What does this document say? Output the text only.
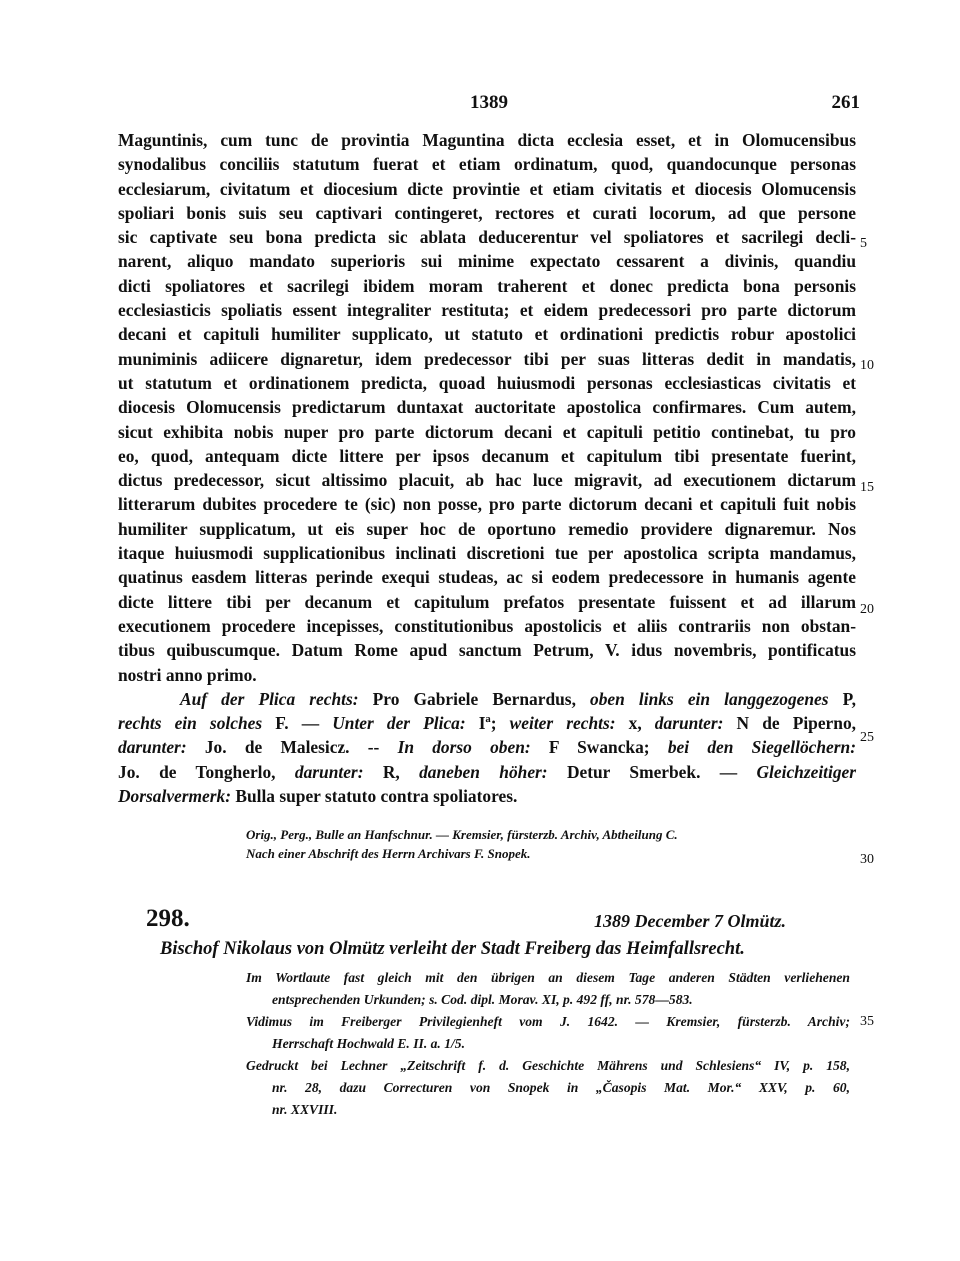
1389	261
Maguntinis, cum tunc de provintia Maguntina dicta ecclesia esset, et in Olomucensibus
synodalibus conciliis statutum fuerat et etiam ordinatum, quod, quandocunque personas
ecclesiarum, civitatum et diocesium dicte provintie et etiam civitatis et diocesis Olomucensis
spoliari bonis suis seu captivari contingeret, rectores et curati locorum, ad que persone
sic captivate seu bona predicta sic ablata deducerentur vel spoliatores et sacrilegi decli-
narent, aliquo mandato superioris sui minime expectato cessarent a divinis, quandiu
dicti spoliatores et sacrilegi ibidem moram traherent et donec predicta bona personis
ecclesiasticis spoliatis essent integraliter restituta; et eidem predecessori pro parte dictorum
decani et capituli humiliter supplicato, ut statuto et ordinationi predictis robur apostolici
muniminis adiicere dignaretur, idem predecessor tibi per suas litteras dedit in mandatis,
ut statutum et ordinationem predicta, quoad huiusmodi personas ecclesiasticas civitatis et
diocesis Olomucensis predictarum duntaxat auctoritate apostolica confirmares. Cum autem,
sicut exhibita nobis nuper pro parte dictorum decani et capituli petitio continebat, tu pro
eo, quod, antequam dicte littere per ipsos decanum et capitulum tibi presentate fuerint,
dictus predecessor, sicut altissimo placuit, ab hac luce migravit, ad executionem dictarum
litterarum dubites procedere te (sic) non posse, pro parte dictorum decani et capituli fuit nobis
humiliter supplicatum, ut eis super hoc de oportuno remedio providere dignaremur. Nos
itaque huiusmodi supplicationibus inclinati discretioni tue per apostolica scripta mandamus,
quatinus easdem litteras perinde exequi studeas, ac si eodem predecessore in humanis agente
dicte littere tibi per decanum et capitulum prefatos presentate fuissent et ad illarum
executionem procedere incepisses, constitutionibus apostolicis et aliis contrariis non obstan-
tibus quibuscumque. Datum Rome apud sanctum Petrum, V. idus novembris, pontificatus
nostri anno primo.
Auf der Plica rechts: Pro Gabriele Bernardus, oben links ein langgezogenes P,
rechts ein solches F. — Unter der Plica: Iª; weiter rechts: x, darunter: N de Piperno,
darunter: Jo. de Malesicz. -- In dorso oben: F Swancka; bei den Siegellöchern:
Jo. de Tongherlo, darunter: R, daneben höher: Detur Smerbek. — Gleichzeitiger
Dorsalvermerk: Bulla super statuto contra spoliatores.
5
10
15
20
25
30
35
Orig., Perg., Bulle an Hanfschnur. — Kremsier, fürsterzb. Archiv, Abtheilung C.
Nach einer Abschrift des Herrn Archivars F. Snopek.
298.	1389 December 7 Olmütz.
Bischof Nikolaus von Olmütz verleiht der Stadt Freiberg das Heimfallsrecht.
Im Wortlaute fast gleich mit den übrigen an diesem Tage anderen Städten verliehenen
entsprechenden Urkunden; s. Cod. dipl. Morav. XI, p. 492 ff, nr. 578—583.
Vidimus im Freiberger Privilegienheft vom J. 1642. — Kremsier, fürsterzb. Archiv;
Herrschaft Hochwald E. II. a. 1/5.
Gedruckt bei Lechner „Zeitschrift f. d. Geschichte Mährens und Schlesiens“ IV, p. 158,
nr. 28, dazu Correcturen von Snopek in „Časopis Mat. Mor.“ XXV, p. 60,
nr. XXVIII.
